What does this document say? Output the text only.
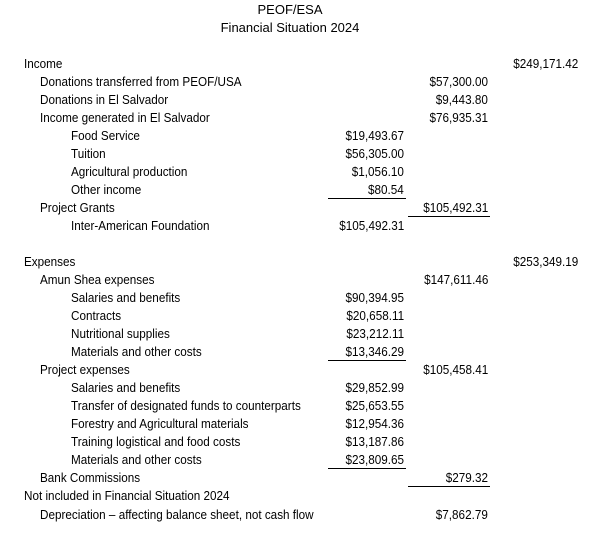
PEOF/ESA
Financial Situation 2024
Income	$249,171.42
Donations transferred from PEOF/USA	$57,300.00
Donations in El Salvador	$9,443.80
Income generated in El Salvador	$76,935.31
Food Service	$19,493.67
Tuition	$56,305.00
Agricultural production	$1,056.10
Other income	$80.54
Project Grants	$105,492.31
Inter-American Foundation	$105,492.31
Expenses	$253,349.19
Amun Shea expenses	$147,611.46
Salaries and benefits	$90,394.95
Contracts	$20,658.11
Nutritional supplies	$23,212.11
Materials and other costs	$13,346.29
Project expenses	$105,458.41
Salaries and benefits	$29,852.99
Transfer of designated funds to counterparts	$25,653.55
Forestry and Agricultural materials	$12,954.36
Training logistical and food costs	$13,187.86
Materials and other costs	$23,809.65
Bank Commissions	$279.32
Not included in Financial Situation 2024
Depreciation – affecting balance sheet, not cash flow	$7,862.79
